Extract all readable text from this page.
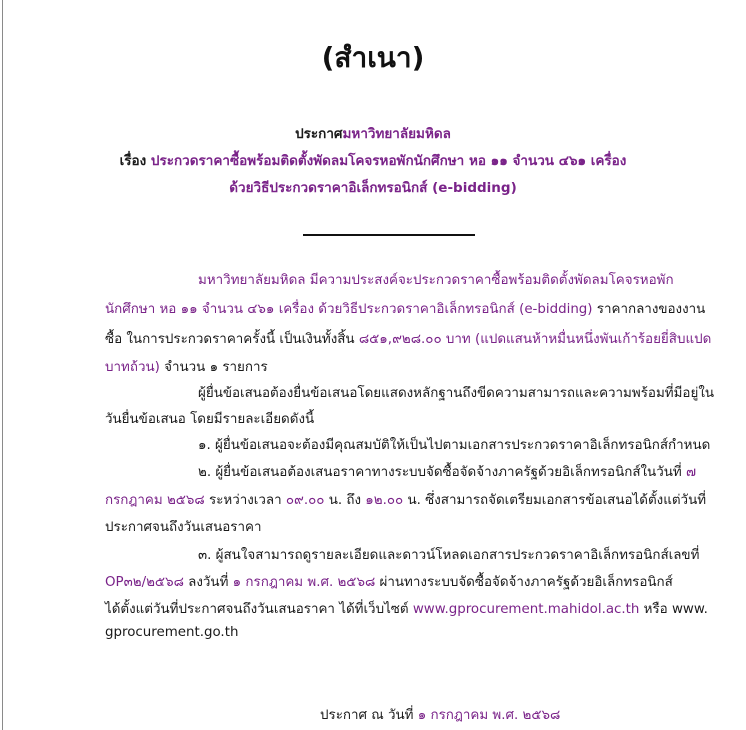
(สำเนา)
ประกาศมหาวิทยาลัยมหิดล
เรื่อง ประกวดราคาซื้อพร้อมติดตั้งพัดลมโคจรหอพักนักศึกษา หอ ๑๑ จำนวน ๔๖๑ เครื่อง
ด้วยวิธีประกวดราคาอิเล็กทรอนิกส์ (e-bidding)
มหาวิทยาลัยมหิดล มีความประสงค์จะประกวดราคาซื้อพร้อมติดตั้งพัดลมโคจรหอพัก
นักศึกษา หอ ๑๑ จำนวน ๔๖๑ เครื่อง ด้วยวิธีประกวดราคาอิเล็กทรอนิกส์ (e-bidding) ราคากลางของงาน
ซื้อ ในการประกวดราคาครั้งนี้ เป็นเงินทั้งสิ้น ๘๕๑,๙๒๘.๐๐ บาท (แปดแสนห้าหมื่นหนึ่งพันเก้าร้อยยี่สิบแปด
บาทถ้วน) จำนวน ๑ รายการ
ผู้ยื่นข้อเสนอต้องยื่นข้อเสนอโดยแสดงหลักฐานถึงขีดความสามารถและความพร้อมที่มีอยู่ใน
วันยื่นข้อเสนอ โดยมีรายละเอียดดังนี้
๑. ผู้ยื่นข้อเสนอจะต้องมีคุณสมบัติให้เป็นไปตามเอกสารประกวดราคาอิเล็กทรอนิกส์กำหนด
๒. ผู้ยื่นข้อเสนอต้องเสนอราคาทางระบบจัดซื้อจัดจ้างภาครัฐด้วยอิเล็กทรอนิกส์ในวันที่ ๗
กรกฎาคม ๒๕๖๘ ระหว่างเวลา ๐๙.๐๐ น. ถึง ๑๒.๐๐ น. ซึ่งสามารถจัดเตรียมเอกสารข้อเสนอได้ตั้งแต่วันที่
ประกาศจนถึงวันเสนอราคา
๓. ผู้สนใจสามารถดูรายละเอียดและดาวน์โหลดเอกสารประกวดราคาอิเล็กทรอนิกส์เลขที่
OP๓๒/๒๕๖๘ ลงวันที่ ๑ กรกฎาคม พ.ศ. ๒๕๖๘ ผ่านทางระบบจัดซื้อจัดจ้างภาครัฐด้วยอิเล็กทรอนิกส์
ได้ตั้งแต่วันที่ประกาศจนถึงวันเสนอราคา ได้ที่เว็บไซต์ www.gprocurement.mahidol.ac.th หรือ www.
gprocurement.go.th
ประกาศ ณ วันที่ ๑ กรกฎาคม พ.ศ. ๒๕๖๘
